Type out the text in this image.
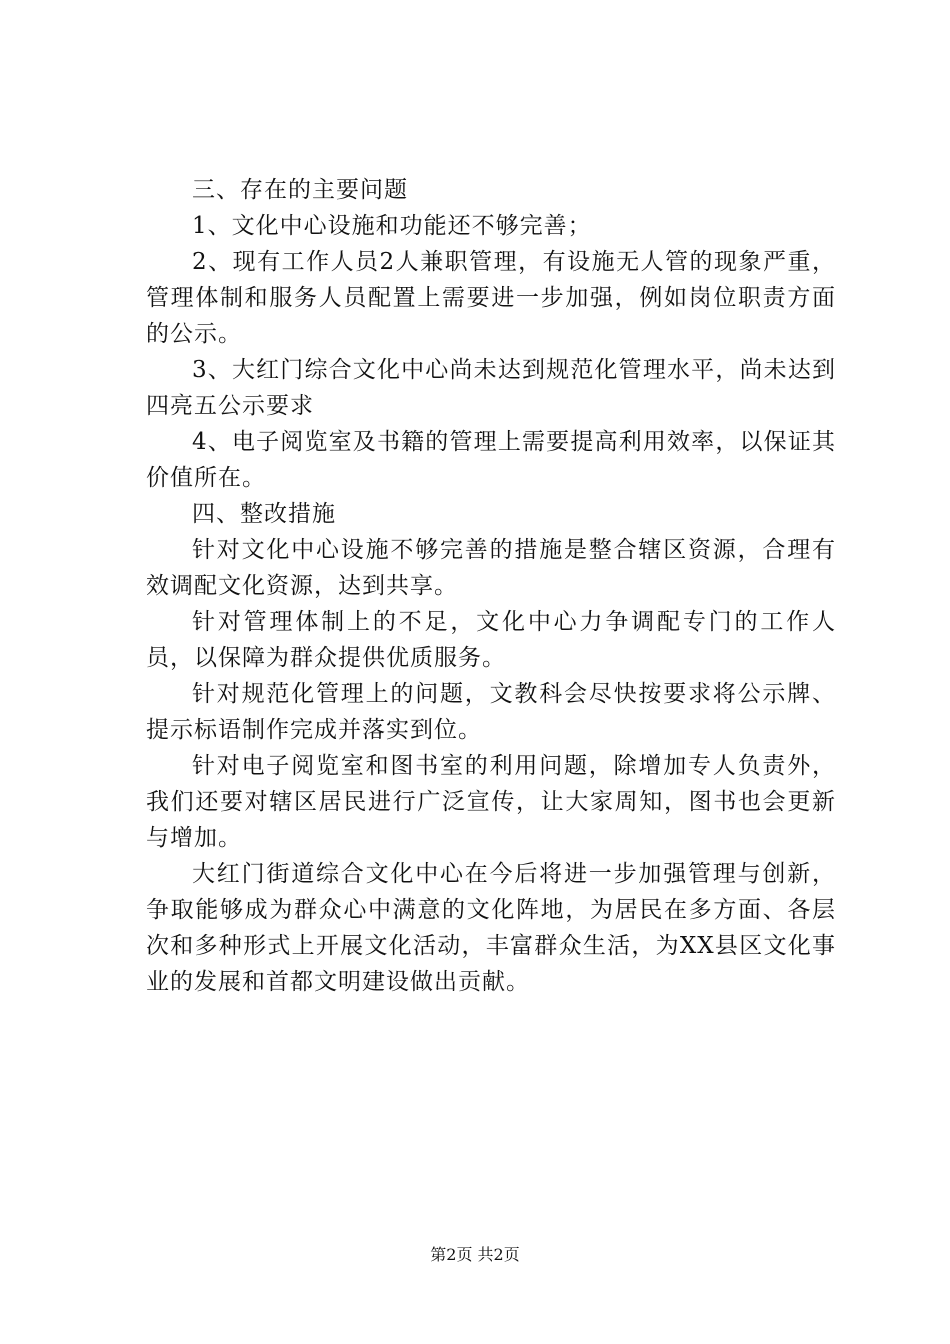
三、存在的主要问题

1、文化中心设施和功能还不够完善；

2、现有工作人员2人兼职管理，有设施无人管的现象严重，管理体制和服务人员配置上需要进一步加强，例如岗位职责方面的公示。

3、大红门综合文化中心尚未达到规范化管理水平，尚未达到四亮五公示要求

4、电子阅览室及书籍的管理上需要提高利用效率，以保证其价值所在。

四、整改措施

针对文化中心设施不够完善的措施是整合辖区资源，合理有效调配文化资源，达到共享。

针对管理体制上的不足，文化中心力争调配专门的工作人员，以保障为群众提供优质服务。

针对规范化管理上的问题，文教科会尽快按要求将公示牌、提示标语制作完成并落实到位。

针对电子阅览室和图书室的利用问题，除增加专人负责外，我们还要对辖区居民进行广泛宣传，让大家周知，图书也会更新与增加。

大红门街道综合文化中心在今后将进一步加强管理与创新，争取能够成为群众心中满意的文化阵地，为居民在多方面、各层次和多种形式上开展文化活动，丰富群众生活，为XX县区文化事业的发展和首都文明建设做出贡献。

第2页 共2页
